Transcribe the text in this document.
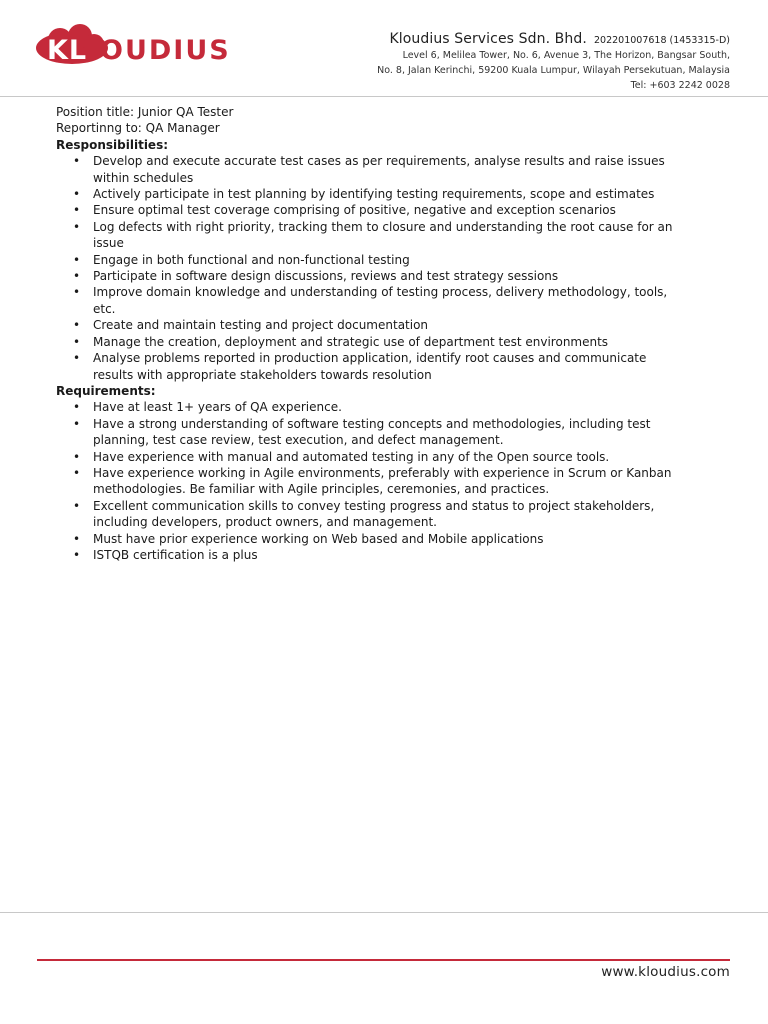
KL OUDIUS	Kloudius Services Sdn. Bhd. 202201007618 (1453315-D)
Level 6, Melilea Tower, No. 6, Avenue 3, The Horizon, Bangsar South,
No. 8, Jalan Kerinchi, 59200 Kuala Lumpur, Wilayah Persekutuan, Malaysia
Tel: +603 2242 0028

Position title: Junior QA Tester

Reportinng to: QA Manager

Responsibilities:

• Develop and execute accurate test cases as per requirements, analyse results and raise issues within schedules
• Actively participate in test planning by identifying testing requirements, scope and estimates
• Ensure optimal test coverage comprising of positive, negative and exception scenarios
• Log defects with right priority, tracking them to closure and understanding the root cause for an issue
• Engage in both functional and non-functional testing
• Participate in software design discussions, reviews and test strategy sessions
• Improve domain knowledge and understanding of testing process, delivery methodology, tools, etc.
• Create and maintain testing and project documentation
• Manage the creation, deployment and strategic use of department test environments
• Analyse problems reported in production application, identify root causes and communicate results with appropriate stakeholders towards resolution

Requirements:

• Have at least 1+ years of QA experience.
• Have a strong understanding of software testing concepts and methodologies, including test planning, test case review, test execution, and defect management.
• Have experience with manual and automated testing in any of the Open source tools.
• Have experience working in Agile environments, preferably with experience in Scrum or Kanban methodologies. Be familiar with Agile principles, ceremonies, and practices.
• Excellent communication skills to convey testing progress and status to project stakeholders, including developers, product owners, and management.
• Must have prior experience working on Web based and Mobile applications
• ISTQB certification is a plus
www.kloudius.com
